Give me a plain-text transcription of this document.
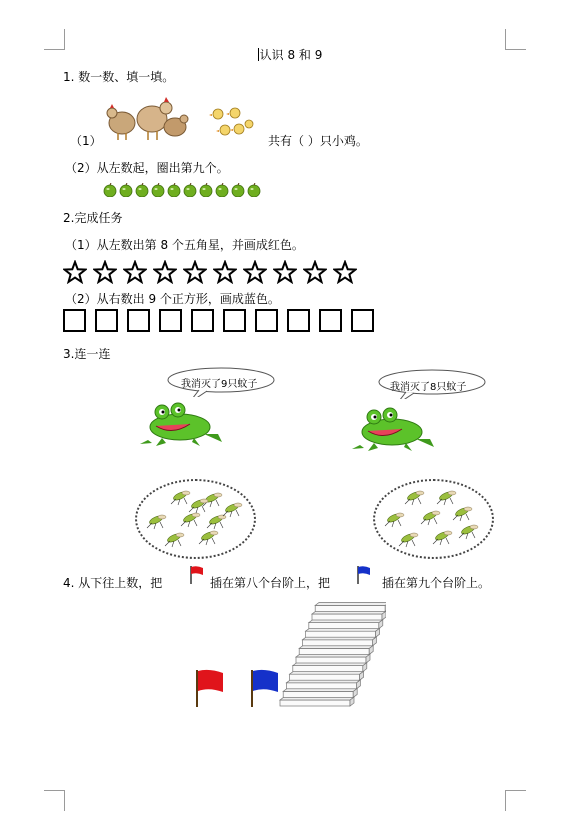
认识 8 和 9
1. 数一数、填一填。
（1）	共有（ ）只小鸡。
（2）从左数起，圈出第九个。
2.完成任务
（1）从左数出第 8 个五角星，并画成红色。
（2）从右数出 9 个正方形，画成蓝色。
3.连一连
我消灭了9只蚊子	我消灭了8只蚊子
4. 从下往上数，把	插在第八个台阶上，把	插在第九个台阶上。
